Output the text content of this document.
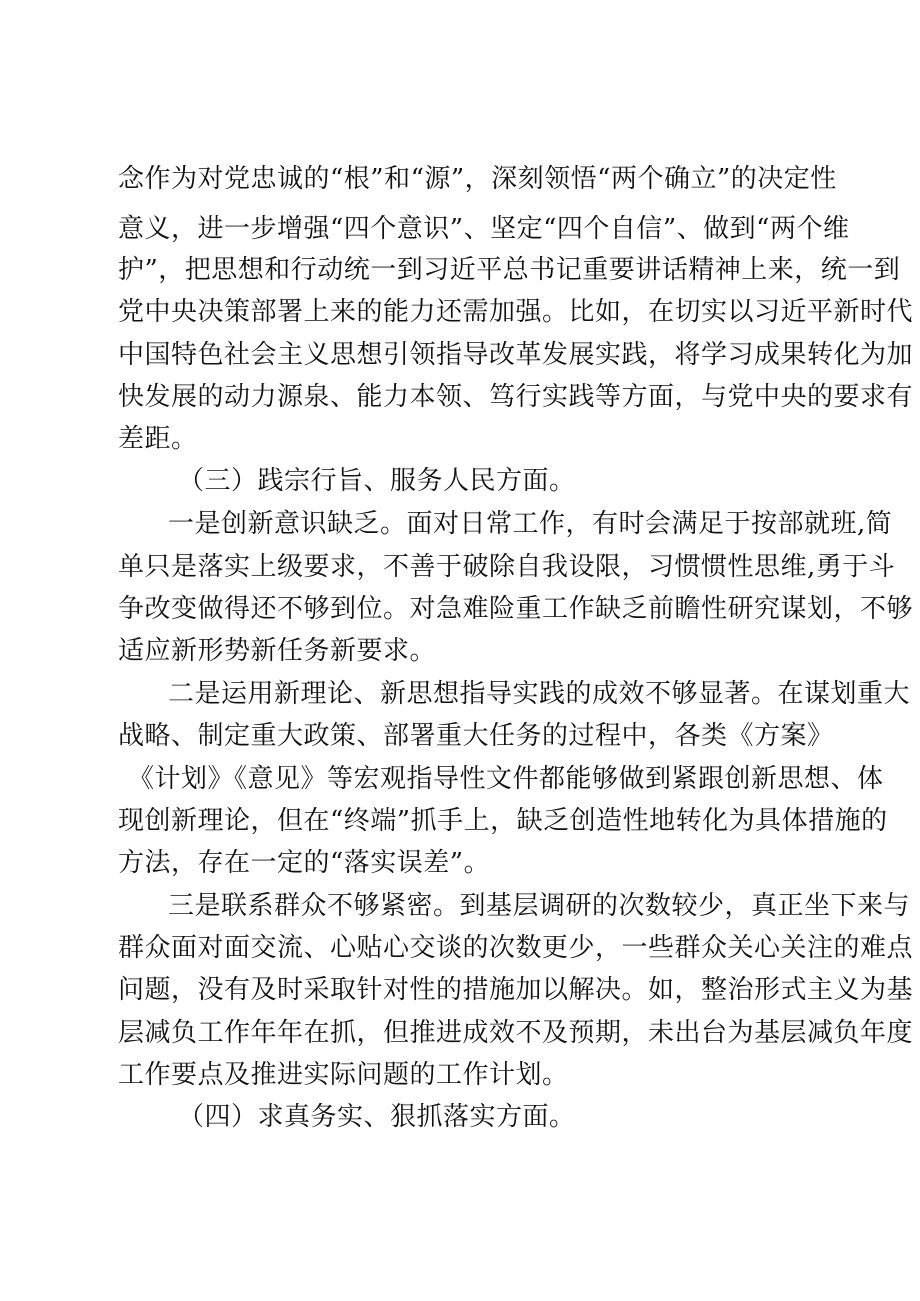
念作为对党忠诚的“根”和“源”，深刻领悟“两个确立”的决定性
意义，进一步增强“四个意识”、坚定“四个自信”、做到“两个维
护”，把思想和行动统一到习近平总书记重要讲话精神上来，统一到
党中央决策部署上来的能力还需加强。比如，在切实以习近平新时代
中国特色社会主义思想引领指导改革发展实践，将学习成果转化为加
快发展的动力源泉、能力本领、笃行实践等方面，与党中央的要求有
差距。
（三）践宗行旨、服务人民方面。
一是创新意识缺乏。面对日常工作，有时会满足于按部就班,简
单只是落实上级要求，不善于破除自我设限，习惯惯性思维,勇于斗
争改变做得还不够到位。对急难险重工作缺乏前瞻性研究谋划，不够
适应新形势新任务新要求。
二是运用新理论、新思想指导实践的成效不够显著。在谋划重大
战略、制定重大政策、部署重大任务的过程中，各类《方案》
《计划》《意见》等宏观指导性文件都能够做到紧跟创新思想、体
现创新理论，但在“终端”抓手上，缺乏创造性地转化为具体措施的
方法，存在一定的“落实误差”。
三是联系群众不够紧密。到基层调研的次数较少，真正坐下来与
群众面对面交流、心贴心交谈的次数更少，一些群众关心关注的难点
问题，没有及时采取针对性的措施加以解决。如，整治形式主义为基
层减负工作年年在抓，但推进成效不及预期，未出台为基层减负年度
工作要点及推进实际问题的工作计划。
（四）求真务实、狠抓落实方面。
